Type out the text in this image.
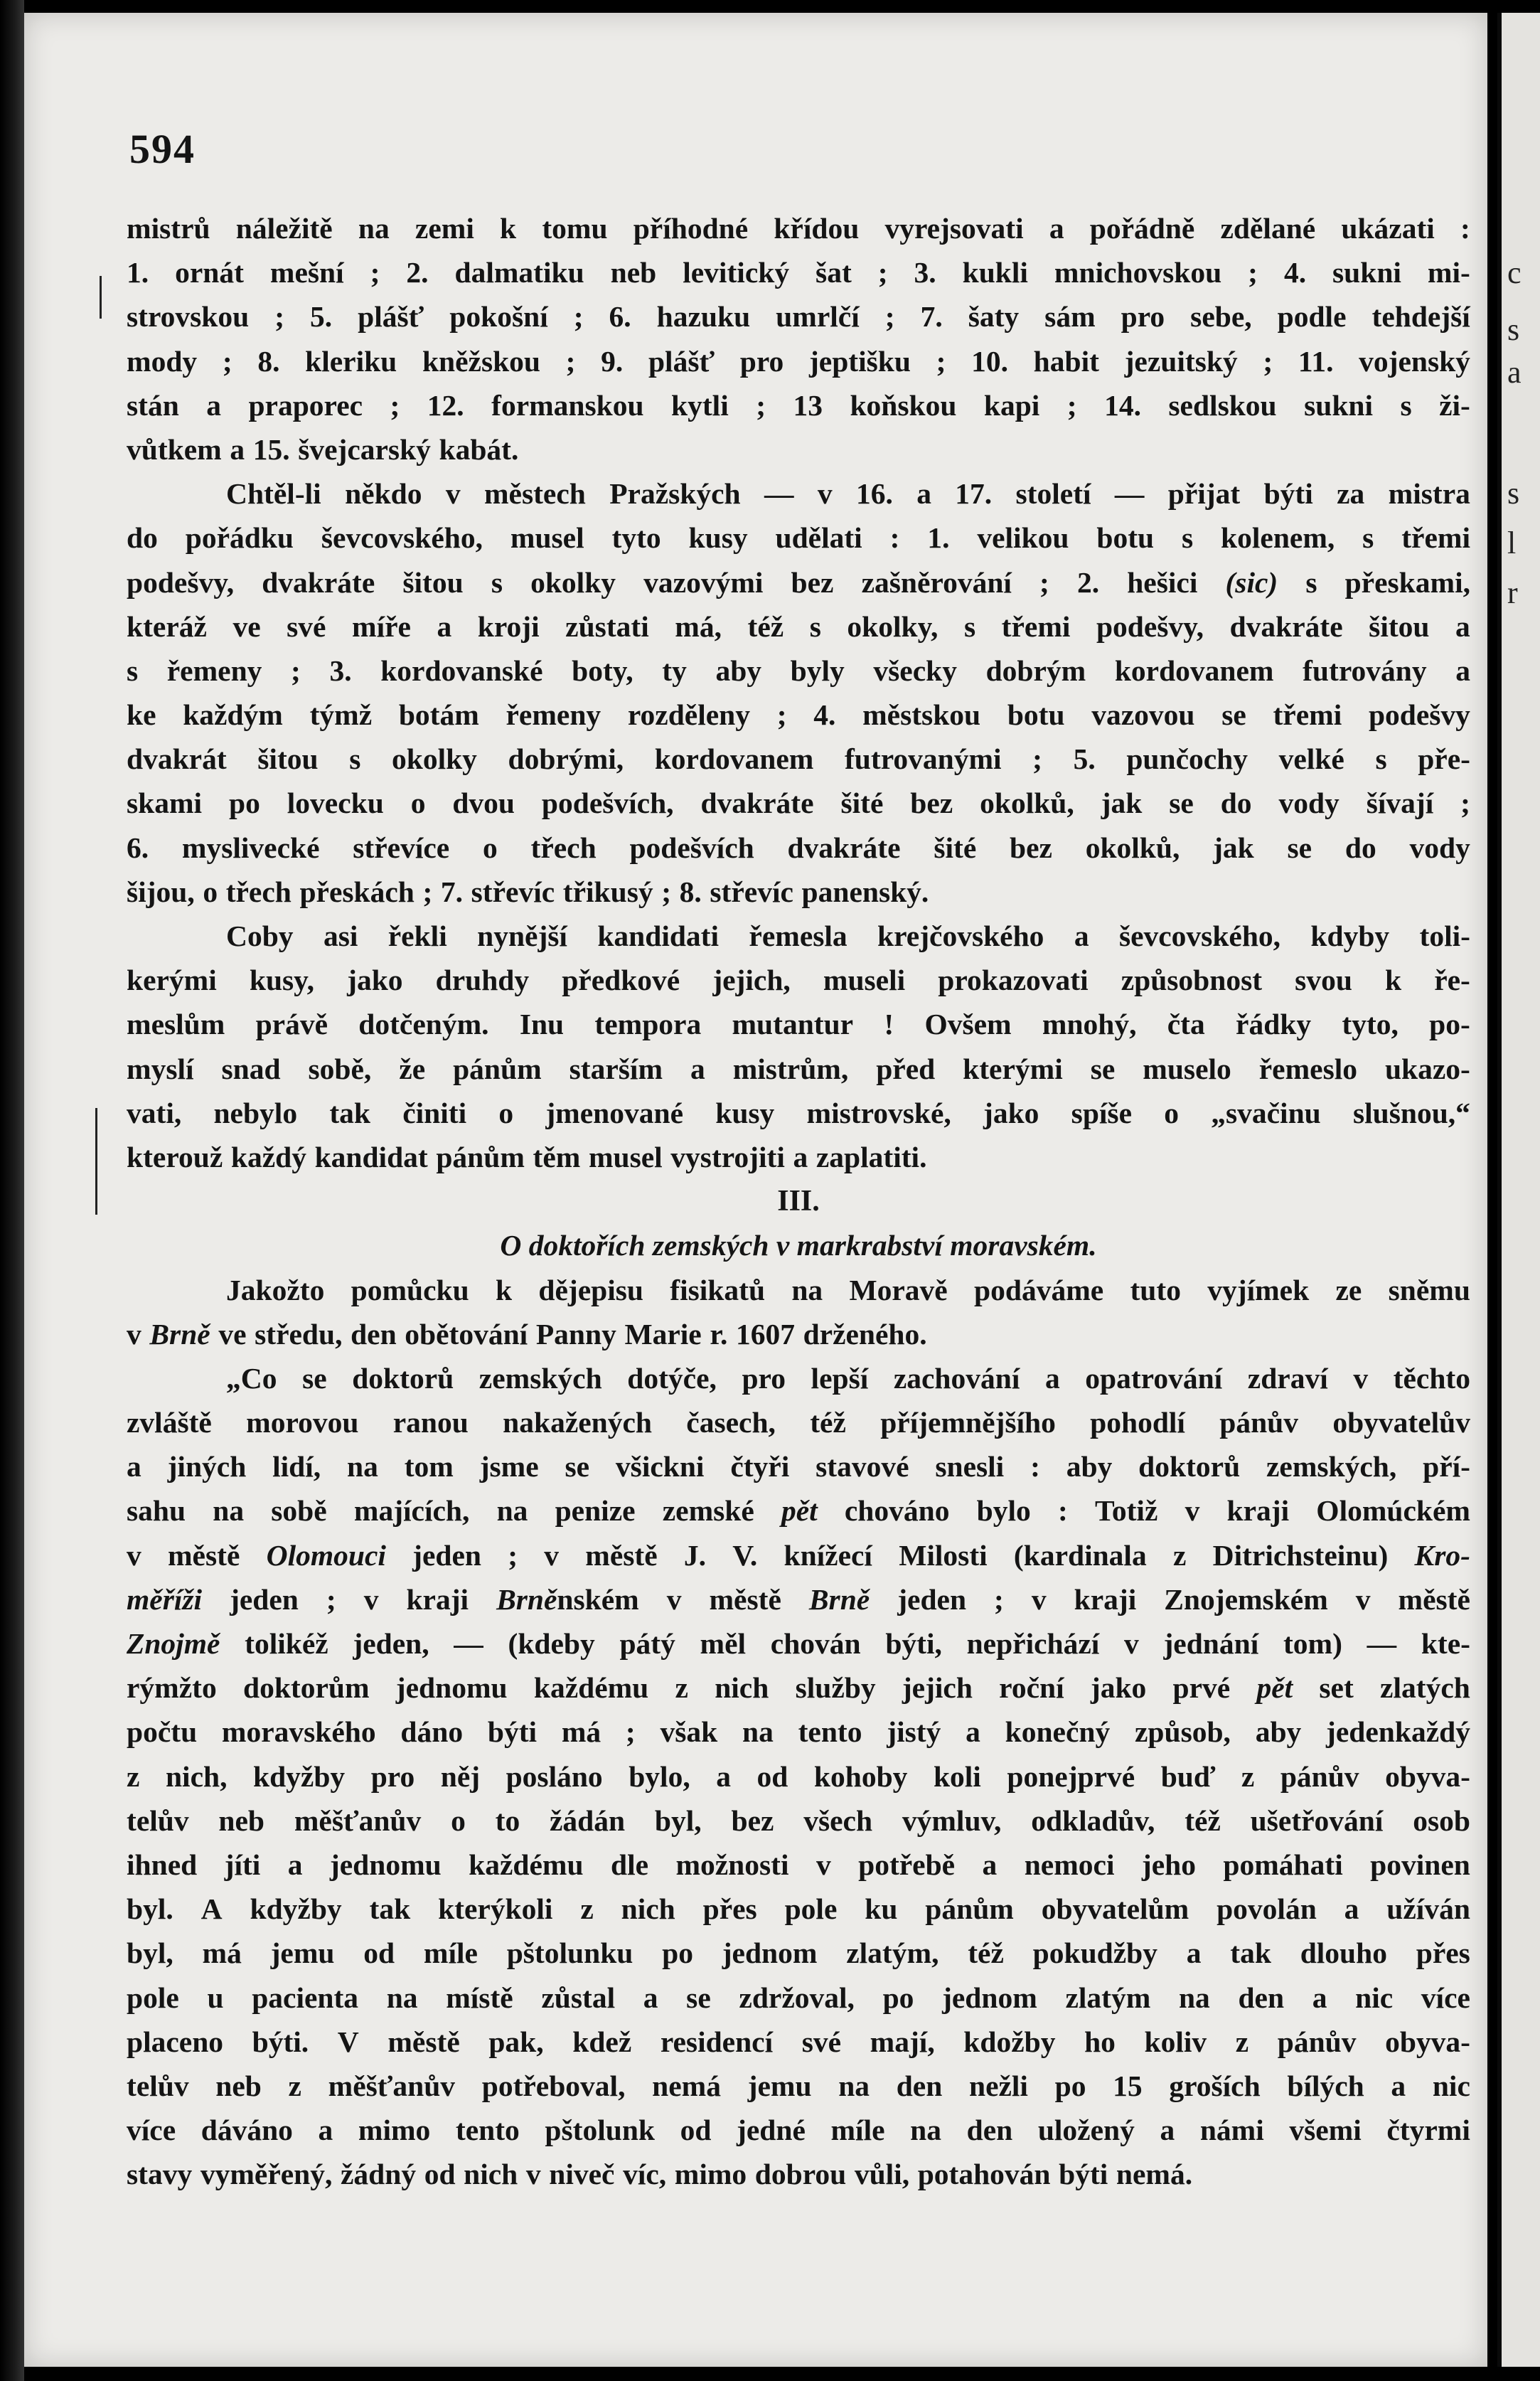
594
mistrů náležitě na zemi k tomu příhodné křídou vyrejsovati a pořádně zdělané ukázati :
1. ornát mešní ; 2. dalmatiku neb levitický šat ; 3. kukli mnichovskou ; 4. sukni mi-
strovskou ; 5. plášť pokošní ; 6. hazuku umrlčí ; 7. šaty sám pro sebe, podle tehdejší
mody ; 8. kleriku kněžskou ; 9. plášť pro jeptišku ; 10. habit jezuitský ; 11. vojenský
stán a praporec ; 12. formanskou kytli ; 13 koňskou kapi ; 14. sedlskou sukni s ži-
vůtkem a 15. švejcarský kabát.
Chtěl-li někdo v městech Pražských — v 16. a 17. století — přijat býti za mistra
do pořádku ševcovského, musel tyto kusy udělati : 1. velikou botu s kolenem, s třemi
podešvy, dvakráte šitou s okolky vazovými bez zašněrování ; 2. hešici (sic) s přeskami,
kteráž ve své míře a kroji zůstati má, též s okolky, s třemi podešvy, dvakráte šitou a
s řemeny ; 3. kordovanské boty, ty aby byly všecky dobrým kordovanem futrovány a
ke každým týmž botám řemeny rozděleny ; 4. městskou botu vazovou se třemi podešvy
dvakrát šitou s okolky dobrými, kordovanem futrovanými ; 5. punčochy velké s pře-
skami po lovecku o dvou podešvích, dvakráte šité bez okolků, jak se do vody šívají ;
6. myslivecké střevíce o třech podešvích dvakráte šité bez okolků, jak se do vody
šijou, o třech přeskách ; 7. střevíc třikusý ; 8. střevíc panenský.
Coby asi řekli nynější kandidati řemesla krejčovského a ševcovského, kdyby toli-
kerými kusy, jako druhdy předkové jejich, museli prokazovati způsobnost svou k ře-
meslům právě dotčeným. Inu tempora mutantur ! Ovšem mnohý, čta řádky tyto, po-
myslí snad sobě, že pánům starším a mistrům, před kterými se muselo řemeslo ukazo-
vati, nebylo tak činiti o jmenované kusy mistrovské, jako spíše o „svačinu slušnou,“
kterouž každý kandidat pánům těm musel vystrojiti a zaplatiti.
III.
O doktořích zemských v markrabství moravském.
Jakožto pomůcku k dějepisu fisikatů na Moravě podáváme tuto vyjímek ze sněmu
v Brně ve středu, den obětování Panny Marie r. 1607 drženého.
„Co se doktorů zemských dotýče, pro lepší zachování a opatrování zdraví v těchto
zvláště morovou ranou nakažených časech, též příjemnějšího pohodlí pánův obyvatelův
a jiných lidí, na tom jsme se všickni čtyři stavové snesli : aby doktorů zemských, pří-
sahu na sobě majících, na penize zemské pět chováno bylo : Totiž v kraji Olomúckém
v městě Olomouci jeden ; v městě J. V. knížecí Milosti (kardinala z Ditrichsteinu) Kro-
měříži jeden ; v kraji Brněnském v městě Brně jeden ; v kraji Znojemském v městě
Znojmě tolikéž jeden, — (kdeby pátý měl chován býti, nepřichází v jednání tom) — kte-
rýmžto doktorům jednomu každému z nich služby jejich roční jako prvé pět set zlatých
počtu moravského dáno býti má ; však na tento jistý a konečný způsob, aby jedenkaždý
z nich, kdyžby pro něj posláno bylo, a od kohoby koli ponejprvé buď z pánův obyva-
telův neb měšťanův o to žádán byl, bez všech výmluv, odkladův, též ušetřování osob
ihned jíti a jednomu každému dle možnosti v potřebě a nemoci jeho pomáhati povinen
byl. A kdyžby tak kterýkoli z nich přes pole ku pánům obyvatelům povolán a užíván
byl, má jemu od míle pštolunku po jednom zlatým, též pokudžby a tak dlouho přes
pole u pacienta na místě zůstal a se zdržoval, po jednom zlatým na den a nic více
placeno býti. V městě pak, kdež residencí své mají, kdožby ho koliv z pánův obyva-
telův neb z měšťanův potřeboval, nemá jemu na den nežli po 15 groších bílých a nic
více dáváno a mimo tento pštolunk od jedné míle na den uložený a námi všemi čtyrmi
stavy vyměřený, žádný od nich v niveč víc, mimo dobrou vůli, potahován býti nemá.
c
s
a
s
l
r
